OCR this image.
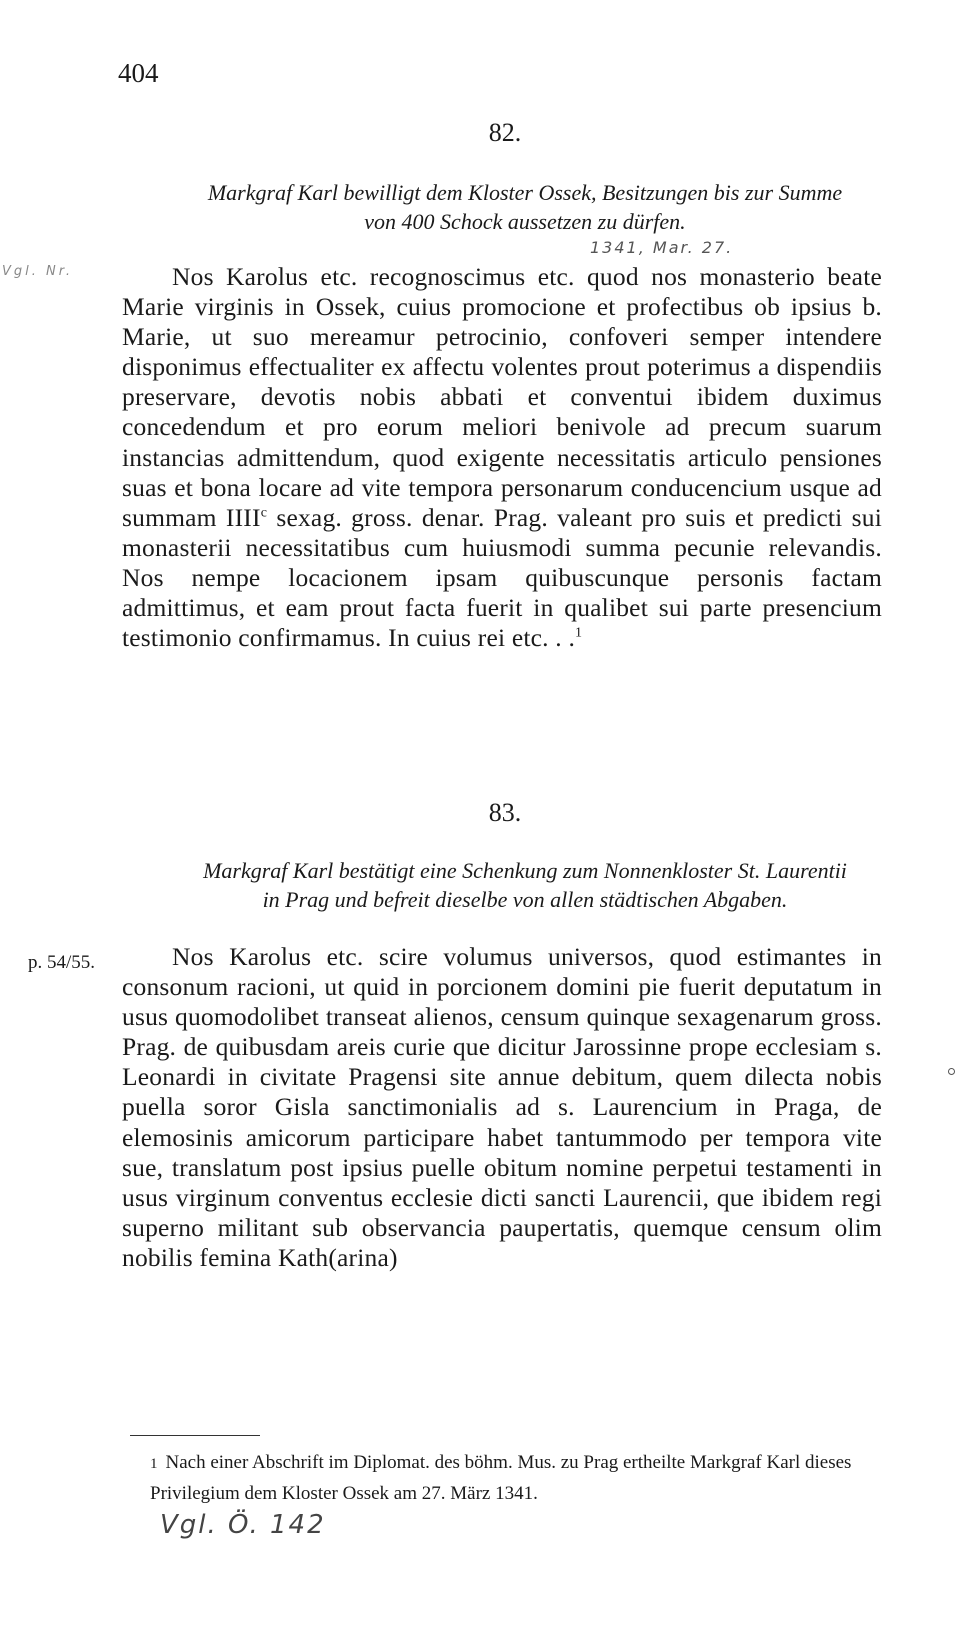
404
Vgl. Nr.
82.
Markgraf Karl bewilligt dem Kloster Ossek, Besitzungen bis zur Summe
von 400 Schock aussetzen zu dürfen.
1341, Mar. 27.

Nos Karolus etc. recognoscimus etc. quod nos monasterio beate Marie virginis in Ossek, cuius promocione et profectibus ob ipsius b. Marie, ut suo mereamur petrocinio, confoveri semper intendere disponimus effectualiter ex affectu volentes prout poterimus a dispendiis preservare, devotis nobis abbati et conventui ibidem duximus concedendum et pro eorum meliori benivole ad precum suarum instancias admittendum, quod exigente necessitatis articulo pensiones suas et bona locare ad vite tempora personarum conducencium usque ad summam IIII$^c$ sexag. gross. denar. Prag. valeant pro suis et predicti sui monasterii necessitatibus cum huiusmodi summa pecunie relevandis. Nos nempe locacionem ipsam quibuscunque personis factam admittimus, et eam prout facta fuerit in qualibet sui parte presencium testimonio confirmamus. In cuius rei etc. . .$^1$

83.
Markgraf Karl bestätigt eine Schenkung zum Nonnenkloster St. Laurentii
in Prag und befreit dieselbe von allen städtischen Abgaben.
p. 54/55.	Nos Karolus etc. scire volumus universos, quod estimantes in consonum racioni, ut quid in porcionem domini pie fuerit deputatum in usus quomodolibet transeat alienos, censum quinque sexagenarum gross. Prag. de quibusdam areis curie que dicitur Jarossinne prope ecclesiam s. Leonardi in civitate Pragensi site annue debitum, quem dilecta nobis puella soror Gisla sanctimonialis ad s. Laurencium in Praga, de elemosinis amicorum participare habet tantummodo per tempora vite sue, translatum post ipsius puelle obitum nomine perpetui testamenti in usus virginum conventus ecclesie dicti sancti Laurencii, que ibidem regi superno militant sub observancia paupertatis, quemque censum olim nobilis femina Kath(arina)

1 Nach einer Abschrift im Diplomat. des böhm. Mus. zu Prag ertheilte Markgraf Karl dieses Privilegium dem Kloster Ossek am 27. März 1341.
Vgl. Ö. 142
